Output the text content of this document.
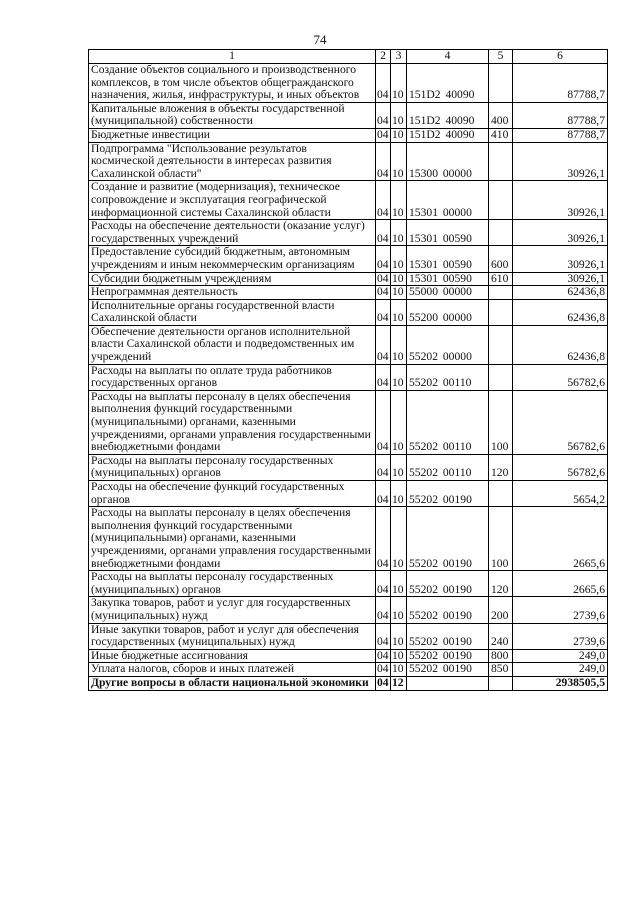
74
1	2	3	4	5	6
Создание объектов социального и производственного комплексов, в том числе объектов общегражданского назначения, жилья, инфраструктуры, и иных объектов	04	10	151D2 40090		87788,7
Капитальные вложения в объекты государственной (муниципальной) собственности	04	10	151D2 40090	400	87788,7
Бюджетные инвестиции	04	10	151D2 40090	410	87788,7
Подпрограмма "Использование результатов космической деятельности в интересах развития Сахалинской области"	04	10	15300 00000		30926,1
Создание и развитие (модернизация), техническое сопровождение и эксплуатация географической информационной системы Сахалинской области	04	10	15301 00000		30926,1
Расходы на обеспечение деятельности (оказание услуг) государственных учреждений	04	10	15301 00590		30926,1
Предоставление субсидий бюджетным, автономным учреждениям и иным некоммерческим организациям	04	10	15301 00590	600	30926,1
Субсидии бюджетным учреждениям	04	10	15301 00590	610	30926,1
Непрограммная деятельность	04	10	55000 00000		62436,8
Исполнительные органы государственной власти Сахалинской области	04	10	55200 00000		62436,8
Обеспечение деятельности органов исполнительной власти Сахалинской области и подведомственных им учреждений	04	10	55202 00000		62436,8
Расходы на выплаты по оплате труда работников государственных органов	04	10	55202 00110		56782,6
Расходы на выплаты персоналу в целях обеспечения выполнения функций государственными (муниципальными) органами, казенными учреждениями, органами управления государственными внебюджетными фондами	04	10	55202 00110	100	56782,6
Расходы на выплаты персоналу государственных (муниципальных) органов	04	10	55202 00110	120	56782,6
Расходы на обеспечение функций государственных органов	04	10	55202 00190		5654,2
Расходы на выплаты персоналу в целях обеспечения выполнения функций государственными (муниципальными) органами, казенными учреждениями, органами управления государственными внебюджетными фондами	04	10	55202 00190	100	2665,6
Расходы на выплаты персоналу государственных (муниципальных) органов	04	10	55202 00190	120	2665,6
Закупка товаров, работ и услуг для государственных (муниципальных) нужд	04	10	55202 00190	200	2739,6
Иные закупки товаров, работ и услуг для обеспечения государственных (муниципальных) нужд	04	10	55202 00190	240	2739,6
Иные бюджетные ассигнования	04	10	55202 00190	800	249,0
Уплата налогов, сборов и иных платежей	04	10	55202 00190	850	249,0
Другие вопросы в области национальной экономики	04	12			2938505,5
